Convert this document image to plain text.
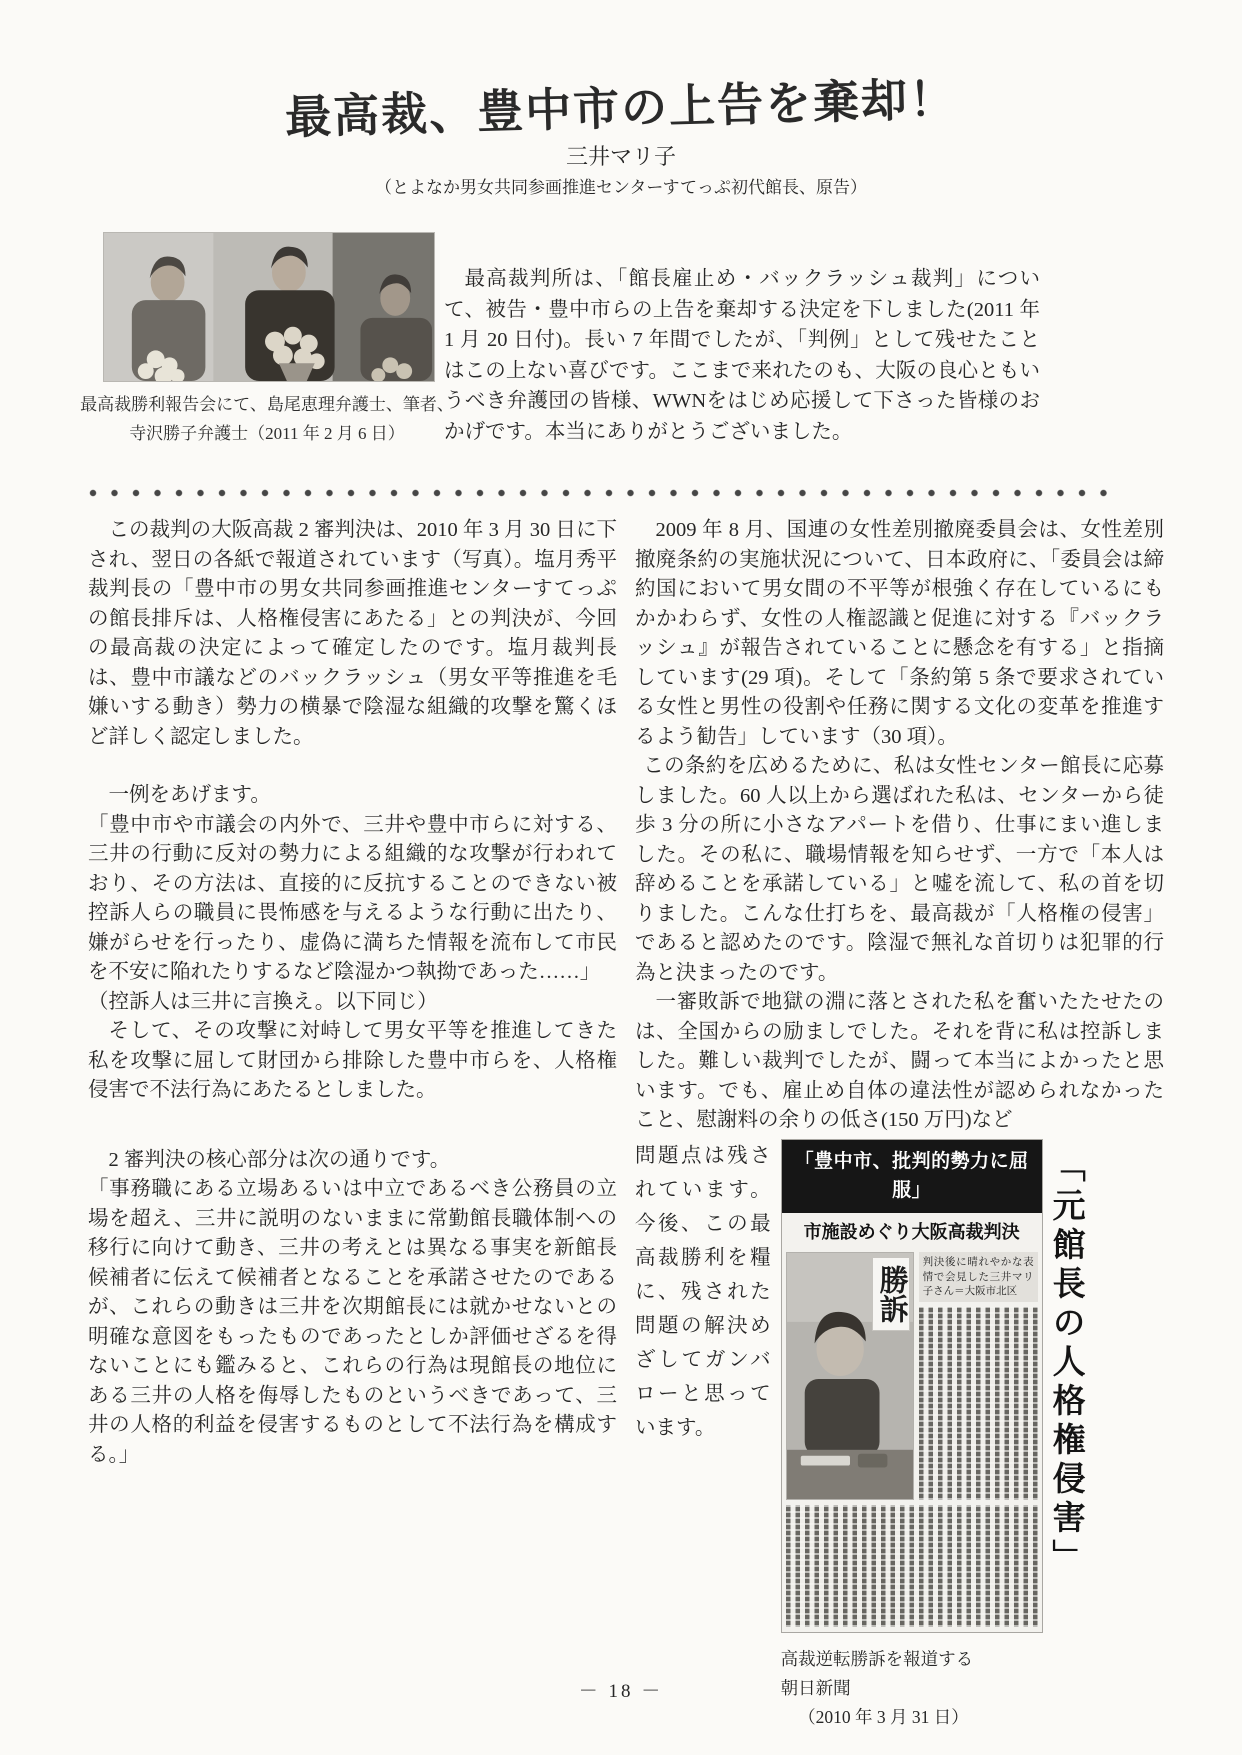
最高裁、豊中市の上告を棄却！
三井マリ子
（とよなか男女共同参画推進センターすてっぷ初代館長、原告）
最高裁勝利報告会にて、島尾恵理弁護士、筆者、
寺沢勝子弁護士（2011 年 2 月 6 日）
最高裁判所は、「館長雇止め・バックラッシュ裁判」について、被告・豊中市らの上告を棄却する決定を下しました(2011 年 1 月 20 日付)。長い 7 年間でしたが、「判例」として残せたことはこの上ない喜びです。ここまで来れたのも、大阪の良心ともいうべき弁護団の皆様、WWNをはじめ応援して下さった皆様のおかげです。本当にありがとうございました。

この裁判の大阪高裁 2 審判決は、2010 年 3 月 30 日に下され、翌日の各紙で報道されています（写真）。塩月秀平裁判長の「豊中市の男女共同参画推進センターすてっぷの館長排斥は、人格権侵害にあたる」との判決が、今回の最高裁の決定によって確定したのです。塩月裁判長は、豊中市議などのバックラッシュ（男女平等推進を毛嫌いする動き）勢力の横暴で陰湿な組織的攻撃を驚くほど詳しく認定しました。

一例をあげます。

「豊中市や市議会の内外で、三井や豊中市らに対する、三井の行動に反対の勢力による組織的な攻撃が行われており、その方法は、直接的に反抗することのできない被控訴人らの職員に畏怖感を与えるような行動に出たり、嫌がらせを行ったり、虚偽に満ちた情報を流布して市民を不安に陥れたりするなど陰湿かつ執拗であった……」

（控訴人は三井に言換え。以下同じ）

そして、その攻撃に対峙して男女平等を推進してきた私を攻撃に屈して財団から排除した豊中市らを、人格権侵害で不法行為にあたるとしました。

2 審判決の核心部分は次の通りです。

「事務職にある立場あるいは中立であるべき公務員の立場を超え、三井に説明のないままに常勤館長職体制への移行に向けて動き、三井の考えとは異なる事実を新館長候補者に伝えて候補者となることを承諾させたのであるが、これらの動きは三井を次期館長には就かせないとの明確な意図をもったものであったとしか評価せざるを得ないことにも鑑みると、これらの行為は現館長の地位にある三井の人格を侮辱したものというべきであって、三井の人格的利益を侵害するものとして不法行為を構成する。」

2009 年 8 月、国連の女性差別撤廃委員会は、女性差別撤廃条約の実施状況について、日本政府に、「委員会は締約国において男女間の不平等が根強く存在しているにもかかわらず、女性の人権認識と促進に対する『バックラッシュ』が報告されていることに懸念を有する」と指摘しています(29 項)。そして「条約第 5 条で要求されている女性と男性の役割や任務に関する文化の変革を推進するよう勧告」しています（30 項）。

この条約を広めるために、私は女性センター館長に応募しました。60 人以上から選ばれた私は、センターから徒歩 3 分の所に小さなアパートを借り、仕事にまい進しました。その私に、職場情報を知らせず、一方で「本人は辞めることを承諾している」と嘘を流して、私の首を切りました。こんな仕打ちを、最高裁が「人格権の侵害」であると認めたのです。陰湿で無礼な首切りは犯罪的行為と決まったのです。

一審敗訴で地獄の淵に落とされた私を奮いたたせたのは、全国からの励ましでした。それを背に私は控訴しました。難しい裁判でしたが、闘って本当によかったと思います。でも、雇止め自体の違法性が認められなかったこと、慰謝料の余りの低さ(150 万円)など

問題点は残されています。今後、この最高裁勝利を糧に、残された問題の解決めざしてガンバローと思っています。
「豊中市、批判的勢力に屈服」
市施設めぐり大阪高裁判決
勝訴
判決後に晴れやかな表情で会見した三井マリ子さん＝大阪市北区 「元館長の人格権侵害」
高裁逆転勝訴を報道する
朝日新聞
（2010 年 3 月 31 日）
－ 18 －
